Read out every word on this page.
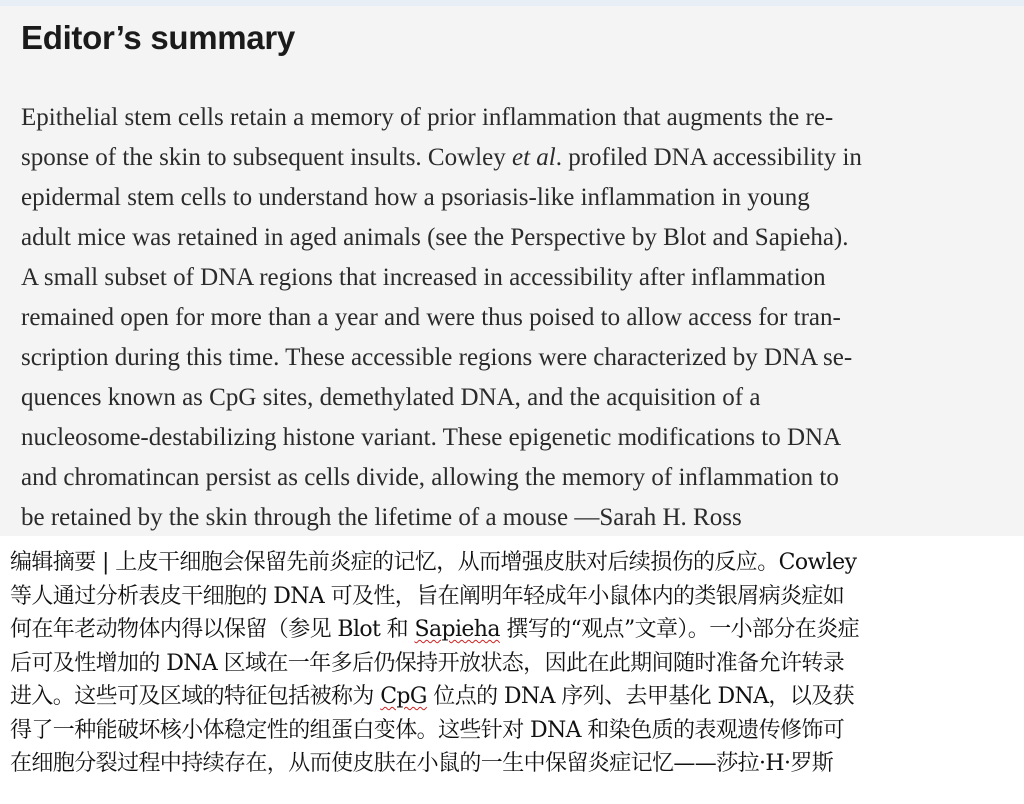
Editor’s summary
Epithelial stem cells retain a memory of prior inflammation that augments the re-
sponse of the skin to subsequent insults. Cowley et al. profiled DNA accessibility in
epidermal stem cells to understand how a psoriasis-like inflammation in young
adult mice was retained in aged animals (see the Perspective by Blot and Sapieha).
A small subset of DNA regions that increased in accessibility after inflammation
remained open for more than a year and were thus poised to allow access for tran-
scription during this time. These accessible regions were characterized by DNA se-
quences known as CpG sites, demethylated DNA, and the acquisition of a
nucleosome-destabilizing histone variant. These epigenetic modifications to DNA
and chromatincan persist as cells divide, allowing the memory of inflammation to
be retained by the skin through the lifetime of a mouse —Sarah H. Ross
编辑摘要 | 上皮干细胞会保留先前炎症的记忆，从而增强皮肤对后续损伤的反应。Cowley
等人通过分析表皮干细胞的 DNA 可及性，旨在阐明年轻成年小鼠体内的类银屑病炎症如
何在年老动物体内得以保留（参见 Blot 和 Sapieha 撰写的“观点”文章）。一小部分在炎症
后可及性增加的 DNA 区域在一年多后仍保持开放状态，因此在此期间随时准备允许转录
进入。这些可及区域的特征包括被称为 CpG 位点的 DNA 序列、去甲基化 DNA，以及获
得了一种能破坏核小体稳定性的组蛋白变体。这些针对 DNA 和染色质的表观遗传修饰可
在细胞分裂过程中持续存在，从而使皮肤在小鼠的一生中保留炎症记忆——莎拉·H·罗斯
